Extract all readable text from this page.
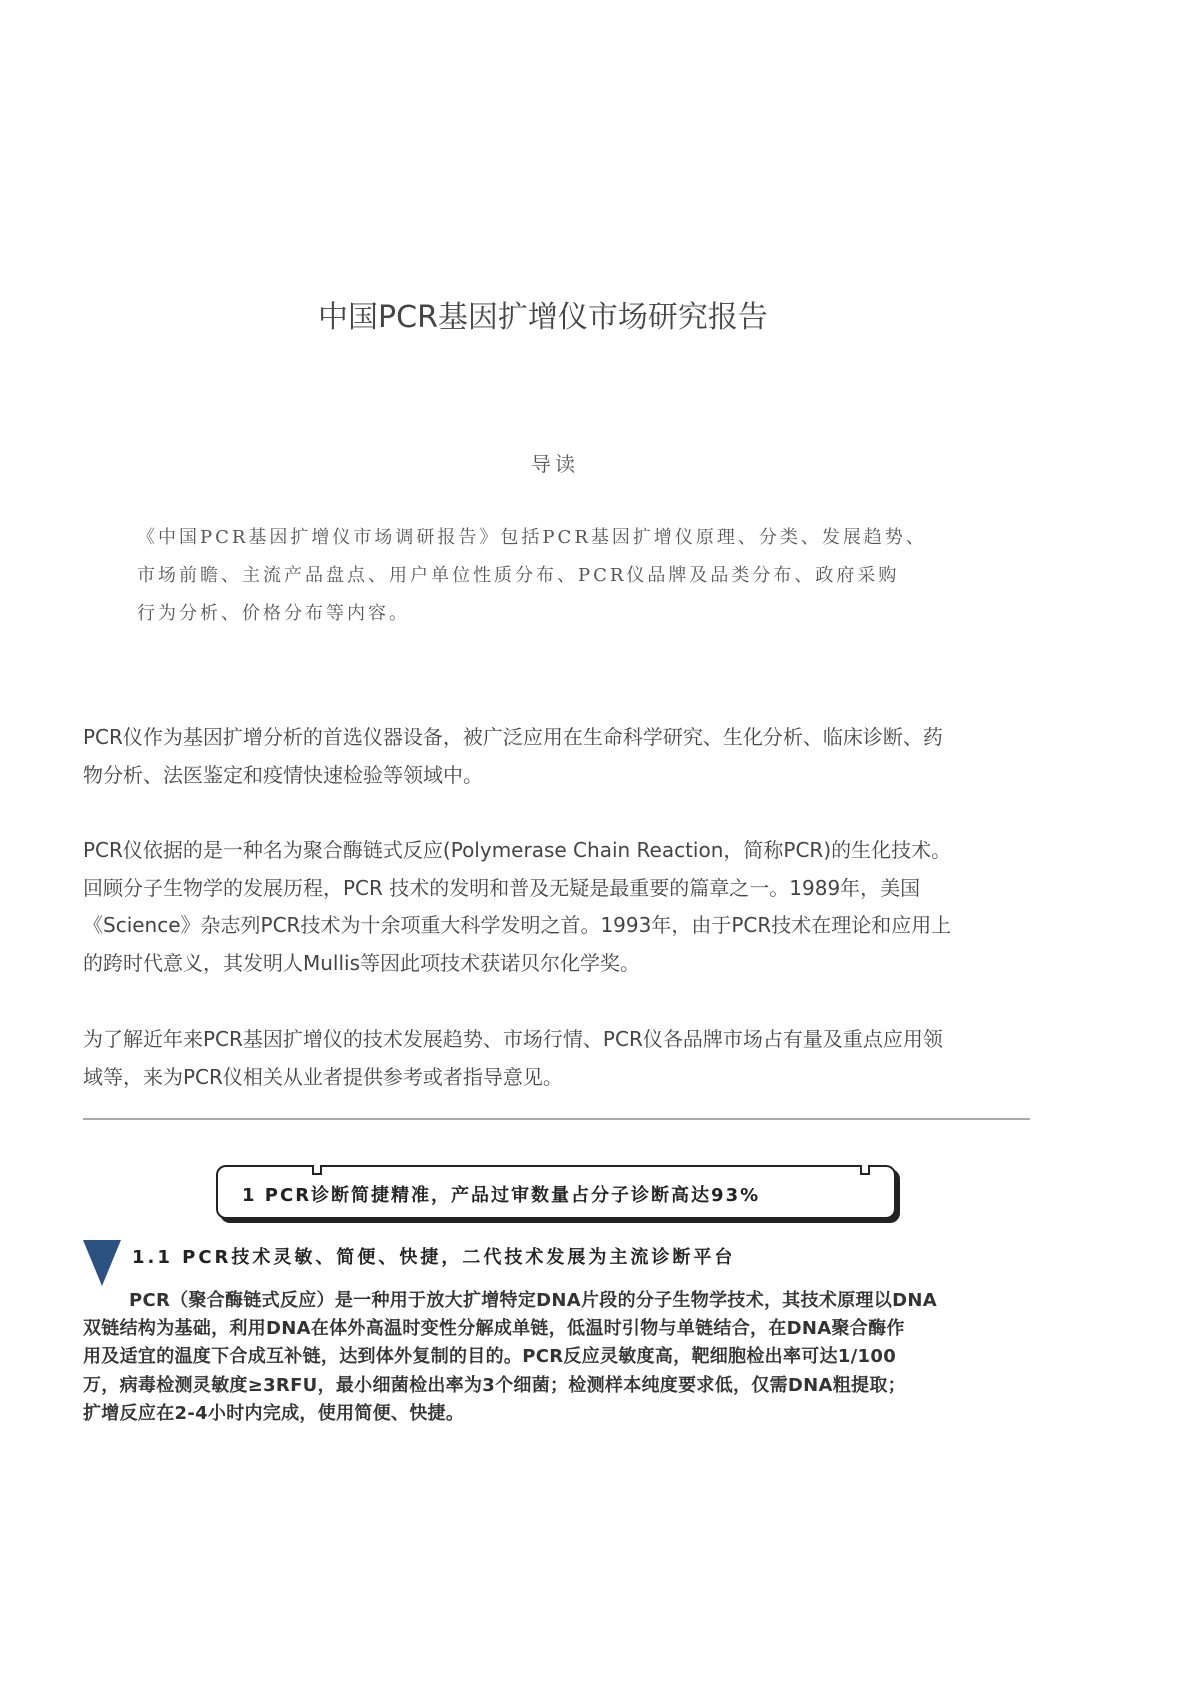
中国PCR基因扩增仪市场研究报告
导读
《中国PCR基因扩增仪市场调研报告》包括PCR基因扩增仪原理、分类、发展趋势、
市场前瞻、主流产品盘点、用户单位性质分布、PCR仪品牌及品类分布、政府采购
行为分析、价格分布等内容。
PCR仪作为基因扩增分析的首选仪器设备，被广泛应用在生命科学研究、生化分析、临床诊断、药
物分析、法医鉴定和疫情快速检验等领域中。
PCR仪依据的是一种名为聚合酶链式反应(Polymerase Chain Reaction，简称PCR)的生化技术。
回顾分子生物学的发展历程，PCR 技术的发明和普及无疑是最重要的篇章之一。1989年，美国
《Science》杂志列PCR技术为十余项重大科学发明之首。1993年，由于PCR技术在理论和应用上
的跨时代意义，其发明人Mullis等因此项技术获诺贝尔化学奖。
为了解近年来PCR基因扩增仪的技术发展趋势、市场行情、PCR仪各品牌市场占有量及重点应用领
域等，来为PCR仪相关从业者提供参考或者指导意见。
1 PCR诊断简捷精准，产品过审数量占分子诊断高达93%
1.1 PCR技术灵敏、简便、快捷，二代技术发展为主流诊断平台
PCR（聚合酶链式反应）是一种用于放大扩增特定DNA片段的分子生物学技术，其技术原理以DNA
双链结构为基础，利用DNA在体外高温时变性分解成单链，低温时引物与单链结合，在DNA聚合酶作
用及适宜的温度下合成互补链，达到体外复制的目的。PCR反应灵敏度高，靶细胞检出率可达1/100
万，病毒检测灵敏度≥3RFU，最小细菌检出率为3个细菌；检测样本纯度要求低，仅需DNA粗提取；
扩增反应在2-4小时内完成，使用简便、快捷。
